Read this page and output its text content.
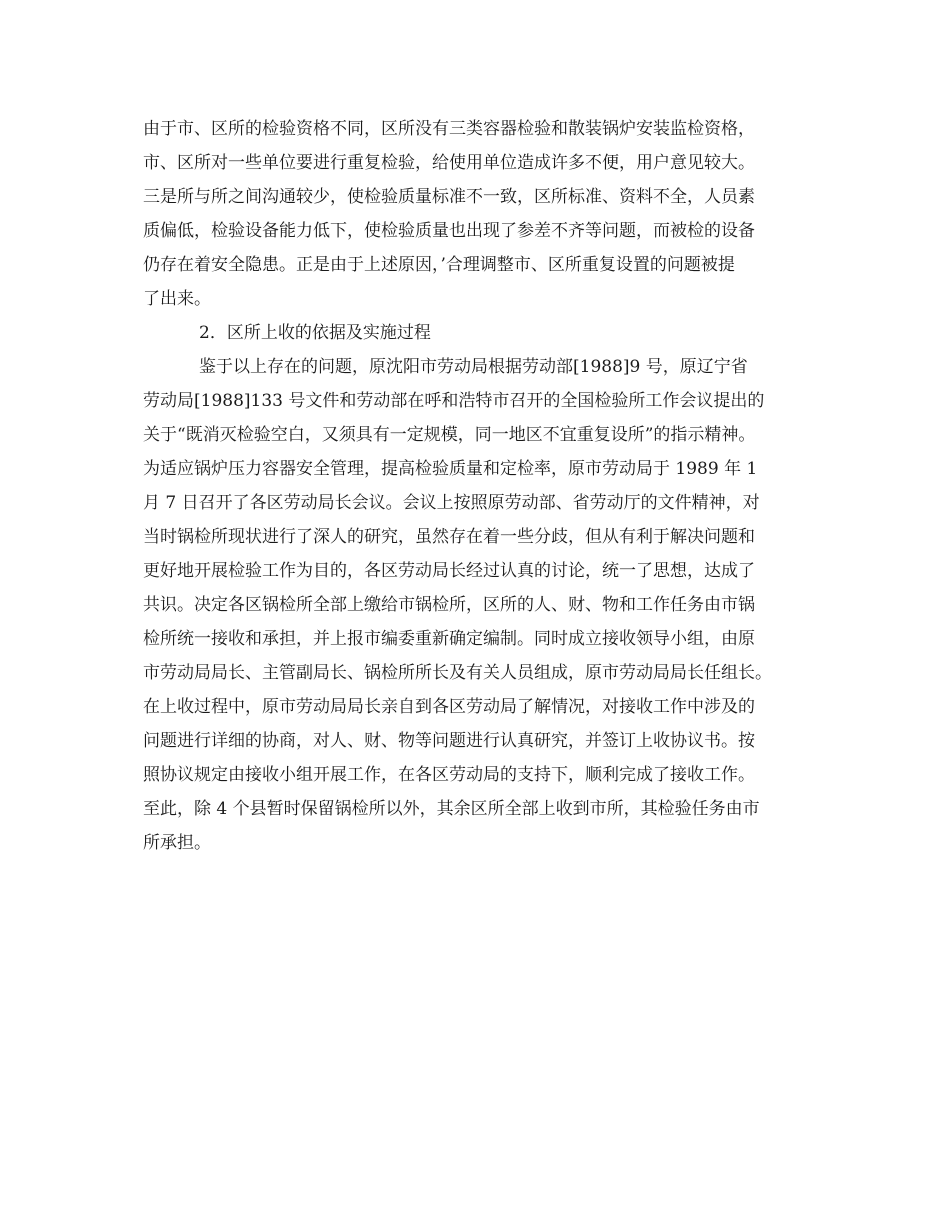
由于市、区所的检验资格不同，区所没有三类容器检验和散装锅炉安装监检资格，
市、区所对一些单位要进行重复检验，给使用单位造成许多不便，用户意见较大。
三是所与所之间沟通较少，使检验质量标准不一致，区所标准、资料不全，人员素
质偏低，检验设备能力低下，使检验质量也出现了参差不齐等问题，而被检的设备
仍存在着安全隐患。正是由于上述原因，’合理调整市、区所重复设置的问题被提
了出来。
2．区所上收的依据及实施过程
鉴于以上存在的问题，原沈阳市劳动局根据劳动部[1988]9 号，原辽宁省
劳动局[1988]133 号文件和劳动部在呼和浩特市召开的全国检验所工作会议提出的
关于“既消灭检验空白，又须具有一定规模，同一地区不宜重复设所”的指示精神。
为适应锅炉压力容器安全管理，提高检验质量和定检率，原市劳动局于 1989 年 1
月 7 日召开了各区劳动局长会议。会议上按照原劳动部、省劳动厅的文件精神，对
当时锅检所现状进行了深人的研究，虽然存在着一些分歧，但从有利于解决问题和
更好地开展检验工作为目的，各区劳动局长经过认真的讨论，统一了思想，达成了
共识。决定各区锅检所全部上缴给市锅检所，区所的人、财、物和工作任务由市锅
检所统一接收和承担，并上报市编委重新确定编制。同时成立接收领导小组，由原
市劳动局局长、主管副局长、锅检所所长及有关人员组成，原市劳动局局长任组长。
在上收过程中，原市劳动局局长亲自到各区劳动局了解情况，对接收工作中涉及的
问题进行详细的协商，对人、财、物等问题进行认真研究，并签订上收协议书。按
照协议规定由接收小组开展工作，在各区劳动局的支持下，顺利完成了接收工作。
至此，除 4 个县暂时保留锅检所以外，其余区所全部上收到市所，其检验任务由市
所承担。
